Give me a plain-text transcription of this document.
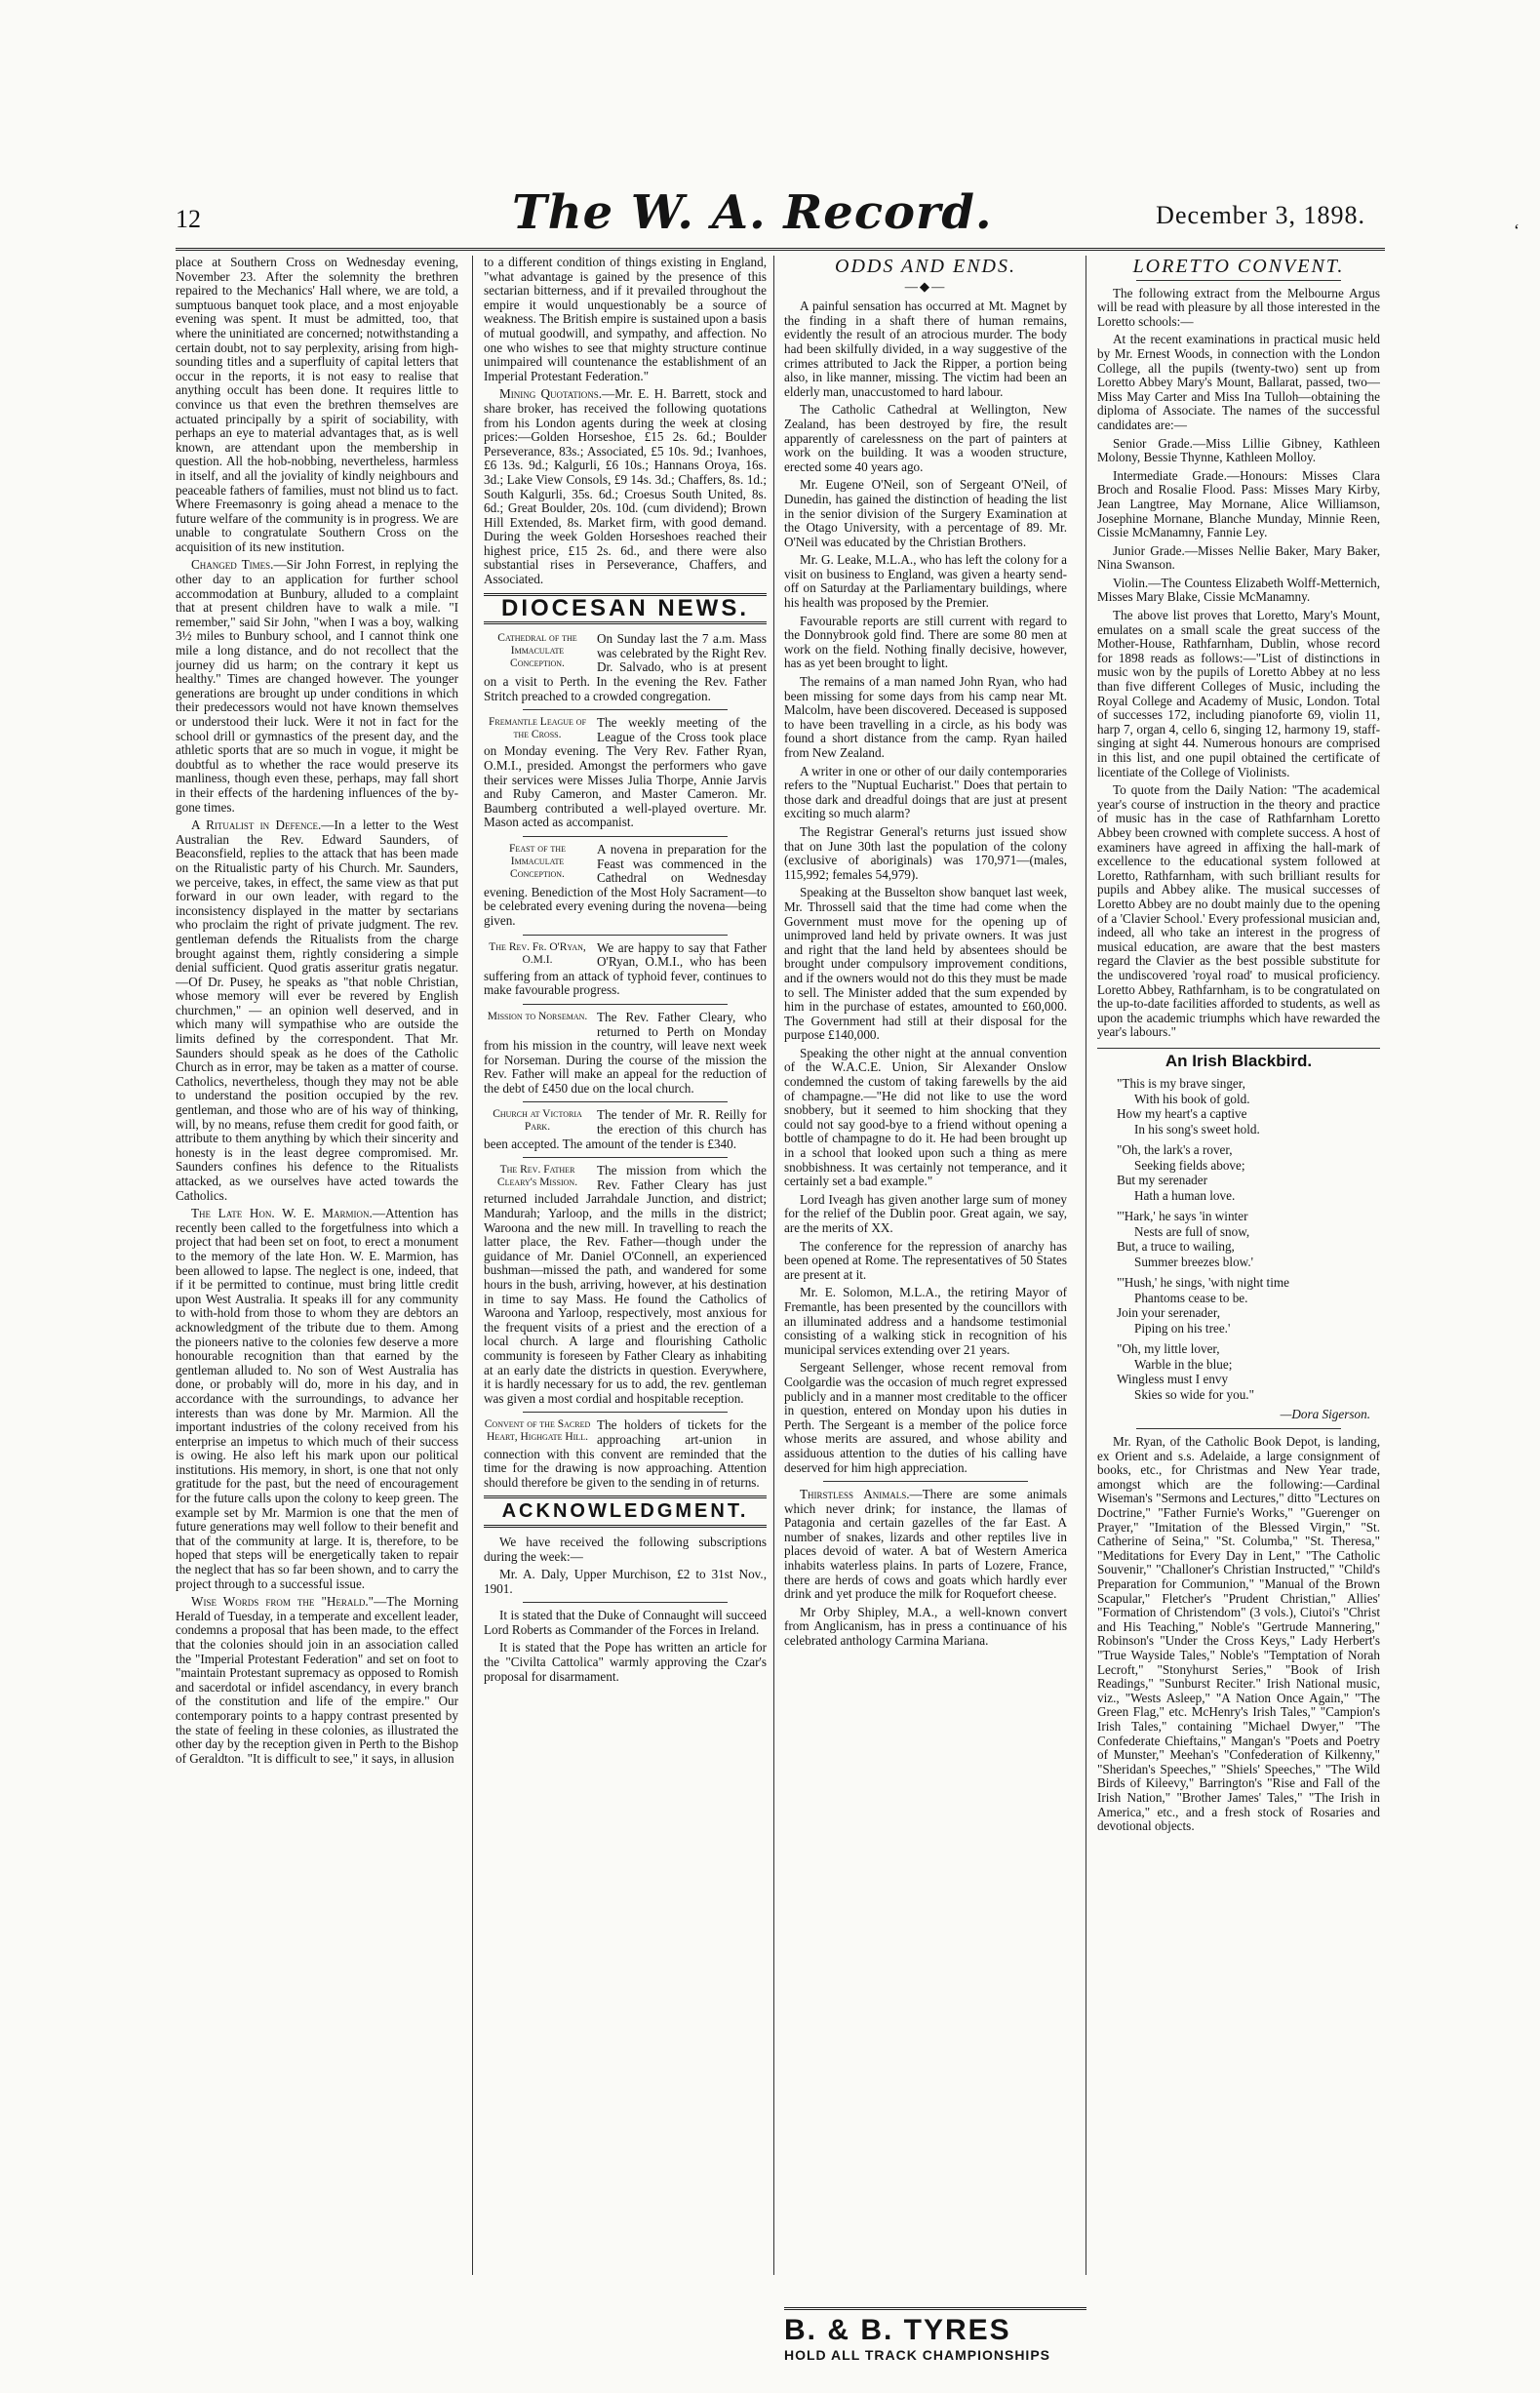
12	The W. A. Record.	December 3, 1898.
‘

place at Southern Cross on Wednesday evening, November 23. After the solemnity the brethren repaired to the Mechanics' Hall where, we are told, a sumptuous banquet took place, and a most enjoyable evening was spent. It must be admitted, too, that where the uninitiated are concerned; notwithstanding a certain doubt, not to say perplexity, arising from high-sounding titles and a superfluity of capital letters that occur in the reports, it is not easy to realise that anything occult has been done. It requires little to convince us that even the brethren themselves are actuated principally by a spirit of sociability, with perhaps an eye to material advantages that, as is well known, are attendant upon the membership in question. All the hob-nobbing, nevertheless, harmless in itself, and all the joviality of kindly neighbours and peaceable fathers of families, must not blind us to fact. Where Freemasonry is going ahead a menace to the future welfare of the community is in progress. We are unable to congratulate Southern Cross on the acquisition of its new institution.

Changed Times.—Sir John Forrest, in replying the other day to an application for further school accommodation at Bunbury, alluded to a complaint that at present children have to walk a mile. "I remember," said Sir John, "when I was a boy, walking 3½ miles to Bunbury school, and I cannot think one mile a long distance, and do not recollect that the journey did us harm; on the contrary it kept us healthy." Times are changed however. The younger generations are brought up under conditions in which their predecessors would not have known themselves or understood their luck. Were it not in fact for the school drill or gymnastics of the present day, and the athletic sports that are so much in vogue, it might be doubtful as to whether the race would preserve its manliness, though even these, perhaps, may fall short in their effects of the hardening influences of the by-gone times.

A Ritualist in Defence.—In a letter to the West Australian the Rev. Edward Saunders, of Beaconsfield, replies to the attack that has been made on the Ritualistic party of his Church. Mr. Saunders, we perceive, takes, in effect, the same view as that put forward in our own leader, with regard to the inconsistency displayed in the matter by sectarians who proclaim the right of private judgment. The rev. gentleman defends the Ritualists from the charge brought against them, rightly considering a simple denial sufficient. Quod gratis asseritur gratis negatur.—Of Dr. Pusey, he speaks as "that noble Christian, whose memory will ever be revered by English churchmen," — an opinion well deserved, and in which many will sympathise who are outside the limits defined by the correspondent. That Mr. Saunders should speak as he does of the Catholic Church as in error, may be taken as a matter of course. Catholics, nevertheless, though they may not be able to understand the position occupied by the rev. gentleman, and those who are of his way of thinking, will, by no means, refuse them credit for good faith, or attribute to them anything by which their sincerity and honesty is in the least degree compromised. Mr. Saunders confines his defence to the Ritualists attacked, as we ourselves have acted towards the Catholics.

The Late Hon. W. E. Marmion.—Attention has recently been called to the forgetfulness into which a project that had been set on foot, to erect a monument to the memory of the late Hon. W. E. Marmion, has been allowed to lapse. The neglect is one, indeed, that if it be permitted to continue, must bring little credit upon West Australia. It speaks ill for any community to with-hold from those to whom they are debtors an acknowledgment of the tribute due to them. Among the pioneers native to the colonies few deserve a more honourable recognition than that earned by the gentleman alluded to. No son of West Australia has done, or probably will do, more in his day, and in accordance with the surroundings, to advance her interests than was done by Mr. Marmion. All the important industries of the colony received from his enterprise an impetus to which much of their success is owing. He also left his mark upon our political institutions. His memory, in short, is one that not only gratitude for the past, but the need of encouragement for the future calls upon the colony to keep green. The example set by Mr. Marmion is one that the men of future generations may well follow to their benefit and that of the community at large. It is, therefore, to be hoped that steps will be energetically taken to repair the neglect that has so far been shown, and to carry the project through to a successful issue.

Wise Words from the "Herald."—The Morning Herald of Tuesday, in a temperate and excellent leader, condemns a proposal that has been made, to the effect that the colonies should join in an association called the "Imperial Protestant Federation" and set on foot to "maintain Protestant supremacy as opposed to Romish and sacerdotal or infidel ascendancy, in every branch of the constitution and life of the empire." Our contemporary points to a happy contrast presented by the state of feeling in these colonies, as illustrated the other day by the reception given in Perth to the Bishop of Geraldton. "It is difficult to see," it says, in allusion

to a different condition of things existing in England, "what advantage is gained by the presence of this sectarian bitterness, and if it prevailed throughout the empire it would unquestionably be a source of weakness. The British empire is sustained upon a basis of mutual goodwill, and sympathy, and affection. No one who wishes to see that mighty structure continue unimpaired will countenance the establishment of an Imperial Protestant Federation."

Mining Quotations.—Mr. E. H. Barrett, stock and share broker, has received the following quotations from his London agents during the week at closing prices:—Golden Horseshoe, £15 2s. 6d.; Boulder Perseverance, 83s.; Associated, £5 10s. 9d.; Ivanhoes, £6 13s. 9d.; Kalgurli, £6 10s.; Hannans Oroya, 16s. 3d.; Lake View Consols, £9 14s. 3d.; Chaffers, 8s. 1d.; South Kalgurli, 35s. 6d.; Croesus South United, 8s. 6d.; Great Boulder, 20s. 10d. (cum dividend); Brown Hill Extended, 8s. Market firm, with good demand. During the week Golden Horseshoes reached their highest price, £15 2s. 6d., and there were also substantial rises in Perseverance, Chaffers, and Associated.

DIOCESAN NEWS.

Cathedral of the Immaculate Conception.
On Sunday last the 7 a.m. Mass was celebrated by the Right Rev. Dr. Salvado, who is at present on a visit to Perth. In the evening the Rev. Father Stritch preached to a crowded congregation.

Fremantle League of the Cross.
The weekly meeting of the League of the Cross took place on Monday evening. The Very Rev. Father Ryan, O.M.I., presided. Amongst the performers who gave their services were Misses Julia Thorpe, Annie Jarvis and Ruby Cameron, and Master Cameron. Mr. Baumberg contributed a well-played overture. Mr. Mason acted as accompanist.

Feast of the Immaculate Conception.
A novena in preparation for the Feast was commenced in the Cathedral on Wednesday evening. Benediction of the Most Holy Sacrament—to be celebrated every evening during the novena—being given.

The Rev. Fr. O'Ryan, O.M.I.
We are happy to say that Father O'Ryan, O.M.I., who has been suffering from an attack of typhoid fever, continues to make favourable progress.

Mission to Norseman. The Rev. Father Cleary, who returned to Perth on Monday from his mission in the country, will leave next week for Norseman. During the course of the mission the Rev. Father will make an appeal for the reduction of the debt of £450 due on the local church.

Church at Victoria Park.
The tender of Mr. R. Reilly for the erection of this church has been accepted. The amount of the tender is £340.

The Rev. Father Cleary's Mission.
The mission from which the Rev. Father Cleary has just returned included Jarrahdale Junction, and district; Mandurah; Yarloop, and the mills in the district; Waroona and the new mill. In travelling to reach the latter place, the Rev. Father—though under the guidance of Mr. Daniel O'Connell, an experienced bushman—missed the path, and wandered for some hours in the bush, arriving, however, at his destination in time to say Mass. He found the Catholics of Waroona and Yarloop, respectively, most anxious for the frequent visits of a priest and the erection of a local church. A large and flourishing Catholic community is foreseen by Father Cleary as inhabiting at an early date the districts in question. Everywhere, it is hardly necessary for us to add, the rev. gentleman was given a most cordial and hospitable reception.

Convent of the Sacred Heart, Highgate Hill.
The holders of tickets for the approaching art-union in connection with this convent are reminded that the time for the drawing is now approaching. Attention should therefore be given to the sending in of returns.

ACKNOWLEDGMENT.

We have received the following subscriptions during the week:—

Mr. A. Daly, Upper Murchison, £2 to 31st Nov., 1901.

It is stated that the Duke of Connaught will succeed Lord Roberts as Commander of the Forces in Ireland.

It is stated that the Pope has written an article for the "Civilta Cattolica" warmly approving the Czar's proposal for disarmament.

ODDS AND ENDS.
—◆—

A painful sensation has occurred at Mt. Magnet by the finding in a shaft there of human remains, evidently the result of an atrocious murder. The body had been skilfully divided, in a way suggestive of the crimes attributed to Jack the Ripper, a portion being also, in like manner, missing. The victim had been an elderly man, unaccustomed to hard labour.

The Catholic Cathedral at Wellington, New Zealand, has been destroyed by fire, the result apparently of carelessness on the part of painters at work on the building. It was a wooden structure, erected some 40 years ago.

Mr. Eugene O'Neil, son of Sergeant O'Neil, of Dunedin, has gained the distinction of heading the list in the senior division of the Surgery Examination at the Otago University, with a percentage of 89. Mr. O'Neil was educated by the Christian Brothers.

Mr. G. Leake, M.L.A., who has left the colony for a visit on business to England, was given a hearty send-off on Saturday at the Parliamentary buildings, where his health was proposed by the Premier.

Favourable reports are still current with regard to the Donnybrook gold find. There are some 80 men at work on the field. Nothing finally decisive, however, has as yet been brought to light.

The remains of a man named John Ryan, who had been missing for some days from his camp near Mt. Malcolm, have been discovered. Deceased is supposed to have been travelling in a circle, as his body was found a short distance from the camp. Ryan hailed from New Zealand.

A writer in one or other of our daily contemporaries refers to the "Nuptual Eucharist." Does that pertain to those dark and dreadful doings that are just at present exciting so much alarm?

The Registrar General's returns just issued show that on June 30th last the population of the colony (exclusive of aboriginals) was 170,971—(males, 115,992; females 54,979).

Speaking at the Busselton show banquet last week, Mr. Throssell said that the time had come when the Government must move for the opening up of unimproved land held by private owners. It was just and right that the land held by absentees should be brought under compulsory improvement conditions, and if the owners would not do this they must be made to sell. The Minister added that the sum expended by him in the purchase of estates, amounted to £60,000. The Government had still at their disposal for the purpose £140,000.

Speaking the other night at the annual convention of the W.A.C.E. Union, Sir Alexander Onslow condemned the custom of taking farewells by the aid of champagne.—"He did not like to use the word snobbery, but it seemed to him shocking that they could not say good-bye to a friend without opening a bottle of champagne to do it. He had been brought up in a school that looked upon such a thing as mere snobbishness. It was certainly not temperance, and it certainly set a bad example."

Lord Iveagh has given another large sum of money for the relief of the Dublin poor. Great again, we say, are the merits of XX.

The conference for the repression of anarchy has been opened at Rome. The representatives of 50 States are present at it.

Mr. E. Solomon, M.L.A., the retiring Mayor of Fremantle, has been presented by the councillors with an illuminated address and a handsome testimonial consisting of a walking stick in recognition of his municipal services extending over 21 years.

Sergeant Sellenger, whose recent removal from Coolgardie was the occasion of much regret expressed publicly and in a manner most creditable to the officer in question, entered on Monday upon his duties in Perth. The Sergeant is a member of the police force whose merits are assured, and whose ability and assiduous attention to the duties of his calling have deserved for him high appreciation.

Thirstless Animals.—There are some animals which never drink; for instance, the llamas of Patagonia and certain gazelles of the far East. A number of snakes, lizards and other reptiles live in places devoid of water. A bat of Western America inhabits waterless plains. In parts of Lozere, France, there are herds of cows and goats which hardly ever drink and yet produce the milk for Roquefort cheese.

Mr Orby Shipley, M.A., a well-known convert from Anglicanism, has in press a continuance of his celebrated anthology Carmina Mariana.

LORETTO CONVENT.

The following extract from the Melbourne Argus will be read with pleasure by all those interested in the Loretto schools:—

At the recent examinations in practical music held by Mr. Ernest Woods, in connection with the London College, all the pupils (twenty-two) sent up from Loretto Abbey Mary's Mount, Ballarat, passed, two—Miss May Carter and Miss Ina Tulloh—obtaining the diploma of Associate. The names of the successful candidates are:—

Senior Grade.—Miss Lillie Gibney, Kathleen Molony, Bessie Thynne, Kathleen Molloy.

Intermediate Grade.—Honours: Misses Clara Broch and Rosalie Flood. Pass: Misses Mary Kirby, Jean Langtree, May Mornane, Alice Williamson, Josephine Mornane, Blanche Munday, Minnie Reen, Cissie McManamny, Fannie Ley.

Junior Grade.—Misses Nellie Baker, Mary Baker, Nina Swanson.

Violin.—The Countess Elizabeth Wolff-Metternich, Misses Mary Blake, Cissie McManamny.

The above list proves that Loretto, Mary's Mount, emulates on a small scale the great success of the Mother-House, Rathfarnham, Dublin, whose record for 1898 reads as follows:—"List of distinctions in music won by the pupils of Loretto Abbey at no less than five different Colleges of Music, including the Royal College and Academy of Music, London. Total of successes 172, including pianoforte 69, violin 11, harp 7, organ 4, cello 6, singing 12, harmony 19, staff-singing at sight 44. Numerous honours are comprised in this list, and one pupil obtained the certificate of licentiate of the College of Violinists.

To quote from the Daily Nation: "The academical year's course of instruction in the theory and practice of music has in the case of Rathfarnham Loretto Abbey been crowned with complete success. A host of examiners have agreed in affixing the hall-mark of excellence to the educational system followed at Loretto, Rathfarnham, with such brilliant results for pupils and Abbey alike. The musical successes of Loretto Abbey are no doubt mainly due to the opening of a 'Clavier School.' Every professional musician and, indeed, all who take an interest in the progress of musical education, are aware that the best masters regard the Clavier as the best possible substitute for the undiscovered 'royal road' to musical proficiency. Loretto Abbey, Rathfarnham, is to be congratulated on the up-to-date facilities afforded to students, as well as upon the academic triumphs which have rewarded the year's labours."

An Irish Blackbird.
"This is my brave singer,
With his book of gold.
How my heart's a captive
In his song's sweet hold.
"Oh, the lark's a rover,
Seeking fields above;
But my serenader
Hath a human love.
"'Hark,' he says 'in winter
Nests are full of snow,
But, a truce to wailing,
Summer breezes blow.'
"'Hush,' he sings, 'with night time
Phantoms cease to be.
Join your serenader,
Piping on his tree.'
"Oh, my little lover,
Warble in the blue;
Wingless must I envy
Skies so wide for you."
—Dora Sigerson.

Mr. Ryan, of the Catholic Book Depot, is landing, ex Orient and s.s. Adelaide, a large consignment of books, etc., for Christmas and New Year trade, amongst which are the following:—Cardinal Wiseman's "Sermons and Lectures," ditto "Lectures on Doctrine," "Father Furnie's Works," "Guerenger on Prayer," "Imitation of the Blessed Virgin," "St. Catherine of Seina," "St. Columba," "St. Theresa," "Meditations for Every Day in Lent," "The Catholic Souvenir," "Challoner's Christian Instructed," "Child's Preparation for Communion," "Manual of the Brown Scapular," Fletcher's "Prudent Christian," Allies' "Formation of Christendom" (3 vols.), Ciutoi's "Christ and His Teaching," Noble's "Gertrude Mannering," Robinson's "Under the Cross Keys," Lady Herbert's "True Wayside Tales," Noble's "Temptation of Norah Lecroft," "Stonyhurst Series," "Book of Irish Readings," "Sunburst Reciter." Irish National music, viz., "Wests Asleep," "A Nation Once Again," "The Green Flag," etc. McHenry's Irish Tales," "Campion's Irish Tales," containing "Michael Dwyer," "The Confederate Chieftains," Mangan's "Poets and Poetry of Munster," Meehan's "Confederation of Kilkenny," "Sheridan's Speeches," "Shiels' Speeches," "The Wild Birds of Kileevy," Barrington's "Rise and Fall of the Irish Nation," "Brother James' Tales," "The Irish in America," etc., and a fresh stock of Rosaries and devotional objects.

B. & B. TYRES
HOLD ALL TRACK CHAMPIONSHIPS
